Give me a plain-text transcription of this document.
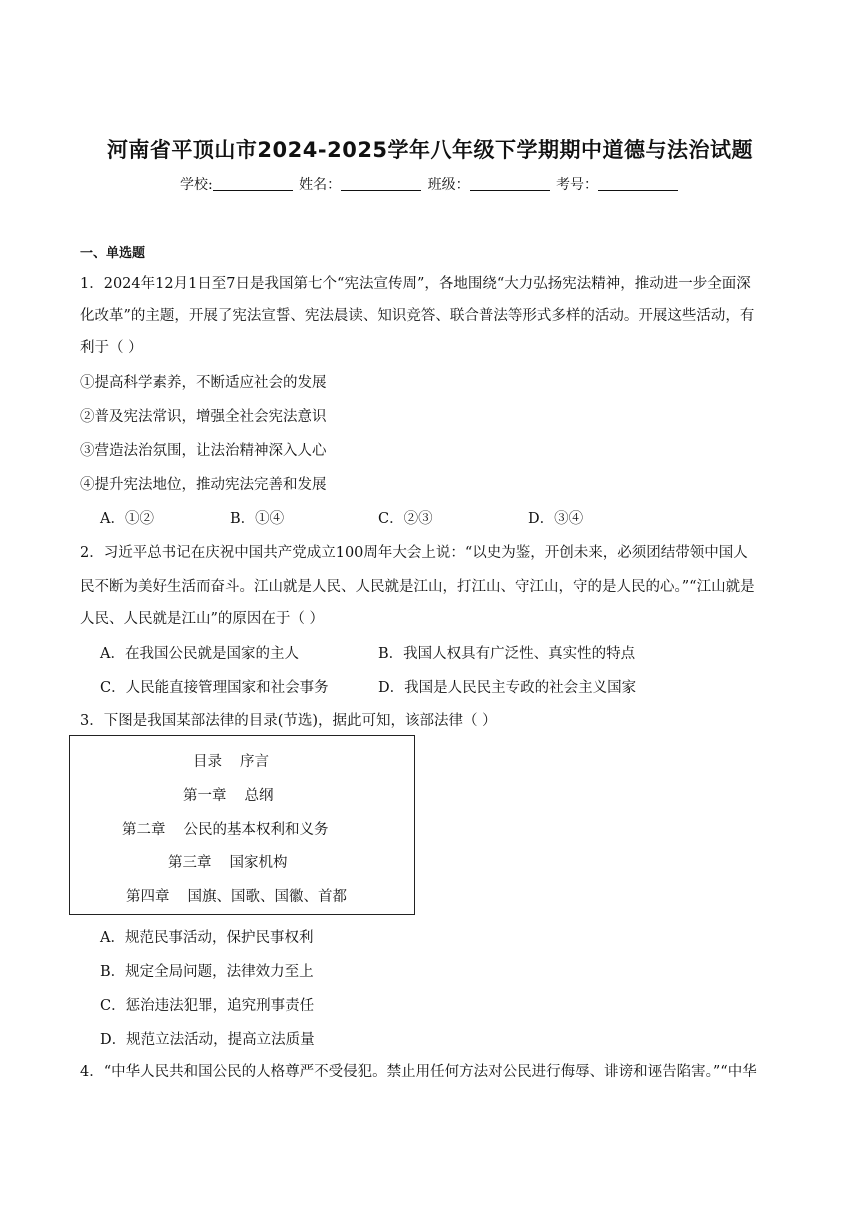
河南省平顶山市2024-2025学年八年级下学期期中道德与法治试题
学校:	姓名：	班级：	考号：
一、单选题
1．2024年12月1日至7日是我国第七个“宪法宣传周”，各地围绕“大力弘扬宪法精神，推动进一步全面深
化改革”的主题，开展了宪法宣誓、宪法晨读、知识竞答、联合普法等形式多样的活动。开展这些活动，有
利于（ ）
①提高科学素养，不断适应社会的发展
②普及宪法常识，增强全社会宪法意识
③营造法治氛围，让法治精神深入人心
④提升宪法地位，推动宪法完善和发展
A．①②	B．①④	C．②③	D．③④
2．习近平总书记在庆祝中国共产党成立100周年大会上说：“以史为鉴，开创未来，必须团结带领中国人
民不断为美好生活而奋斗。江山就是人民、人民就是江山，打江山、守江山，守的是人民的心。”“江山就是
人民、人民就是江山”的原因在于（ ）
A．在我国公民就是国家的主人	B．我国人权具有广泛性、真实性的特点
C．人民能直接管理国家和社会事务	D．我国是人民民主专政的社会主义国家
3．下图是我国某部法律的目录(节选)，据此可知，该部法律（ ）
目录 序言
第一章 总纲
第二章 公民的基本权利和义务
第三章 国家机构
第四章 国旗、国歌、国徽、首都
A．规范民事活动，保护民事权利
B．规定全局问题，法律效力至上
C．惩治违法犯罪，追究刑事责任
D．规范立法活动，提高立法质量
4．“中华人民共和国公民的人格尊严不受侵犯。禁止用任何方法对公民进行侮辱、诽谤和诬告陷害。”“中华
